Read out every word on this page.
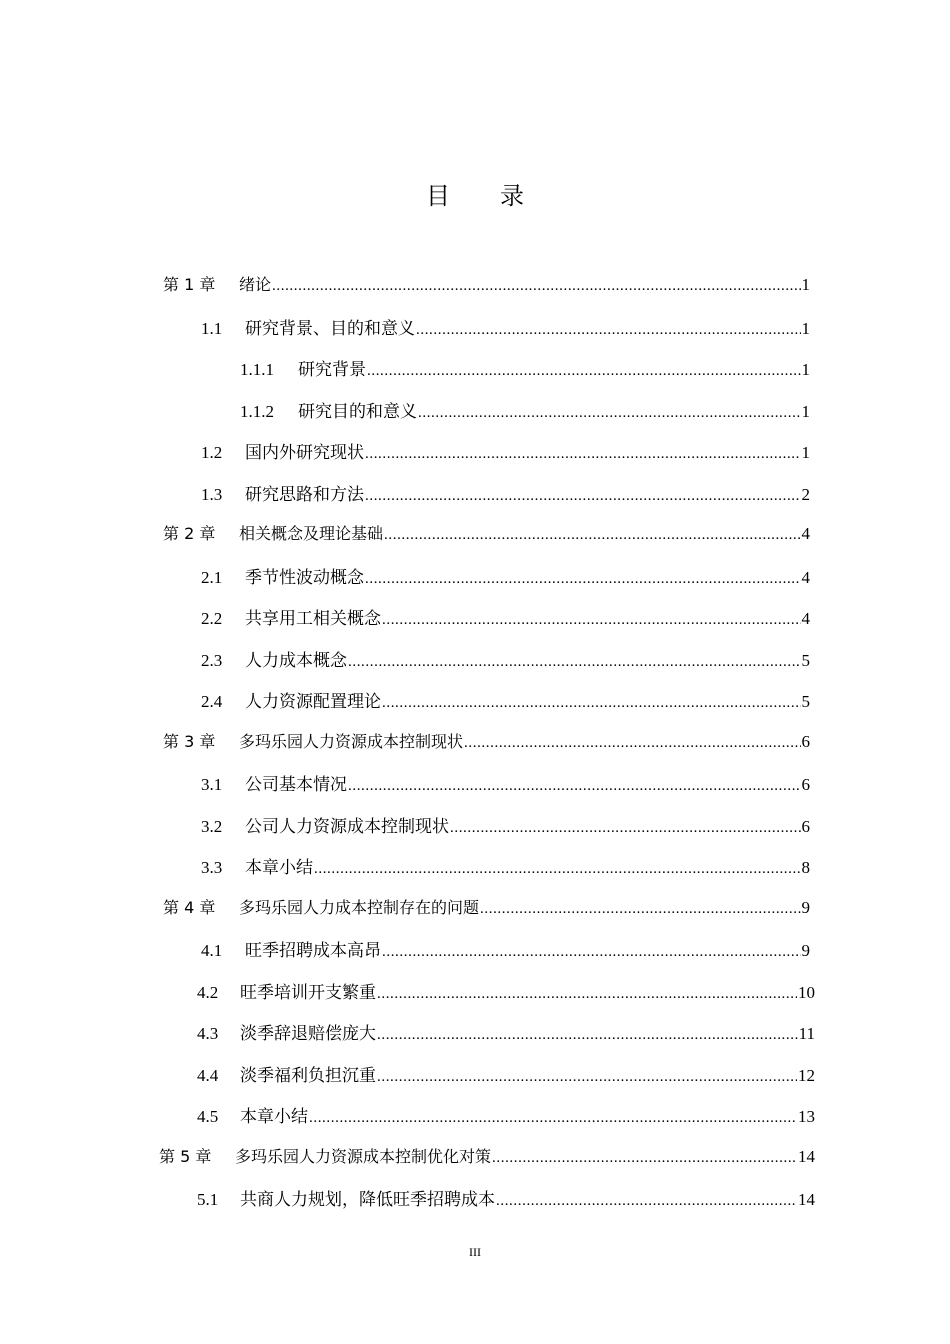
目 录
第 1 章	绪论 .....	1
1.1	研究背景、目的和意义 .....	1
1.1.1	研究背景 .....	1
1.1.2	研究目的和意义 .....	1
1.2	国内外研究现状 .....	1
1.3	研究思路和方法 .....	2
第 2 章	相关概念及理论基础 .....	4
2.1	季节性波动概念 .....	4
2.2	共享用工相关概念 .....	4
2.3	人力成本概念 .....	5
2.4	人力资源配置理论 .....	5
第 3 章	多玛乐园人力资源成本控制现状 .....	6
3.1	公司基本情况 .....	6
3.2	公司人力资源成本控制现状 .....	6
3.3	本章小结 .....	8
第 4 章	多玛乐园人力成本控制存在的问题 .....	9
4.1	旺季招聘成本高昂 .....	9
4.2	旺季培训开支繁重 .....	10
4.3	淡季辞退赔偿庞大 .....	11
4.4	淡季福利负担沉重 .....	12
4.5	本章小结 .....	13
第 5 章	多玛乐园人力资源成本控制优化对策 .....	14
5.1	共商人力规划，降低旺季招聘成本 .....	14
III
